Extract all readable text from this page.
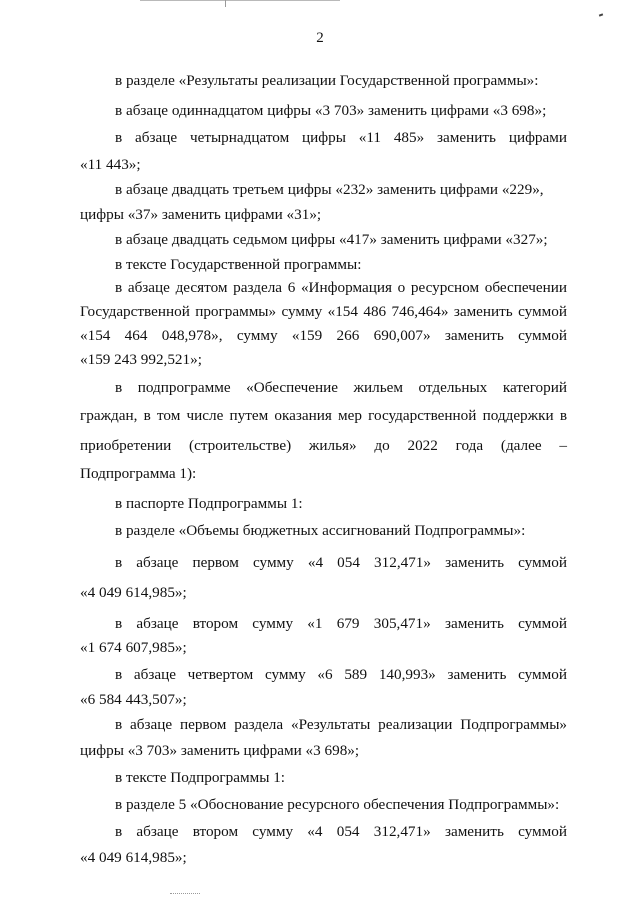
2

в разделе «Результаты реализации Государственной программы»:

в абзаце одиннадцатом цифры «3 703» заменить цифрами «3 698»;

в абзаце четырнадцатом цифры «11 485» заменить цифрами

«11 443»;

в абзаце двадцать третьем цифры «232» заменить цифрами «229»,

цифры «37» заменить цифрами «31»;

в абзаце двадцать седьмом цифры «417» заменить цифрами «327»;

в тексте Государственной программы:

в абзаце десятом раздела 6 «Информация о ресурсном обеспечении

Государственной программы» сумму «154 486 746,464» заменить суммой

«154 464 048,978», сумму «159 266 690,007» заменить суммой

«159 243 992,521»;

в подпрограмме «Обеспечение жильем отдельных категорий

граждан, в том числе путем оказания мер государственной поддержки в

приобретении (строительстве) жилья» до 2022 года (далее –

Подпрограмма 1):

в паспорте Подпрограммы 1:

в разделе «Объемы бюджетных ассигнований Подпрограммы»:

в абзаце первом сумму «4 054 312,471» заменить суммой

«4 049 614,985»;

в абзаце втором сумму «1 679 305,471» заменить суммой

«1 674 607,985»;

в абзаце четвертом сумму «6 589 140,993» заменить суммой

«6 584 443,507»;

в абзаце первом раздела «Результаты реализации Подпрограммы»

цифры «3 703» заменить цифрами «3 698»;

в тексте Подпрограммы 1:

в разделе 5 «Обоснование ресурсного обеспечения Подпрограммы»:

в абзаце втором сумму «4 054 312,471» заменить суммой

«4 049 614,985»;
